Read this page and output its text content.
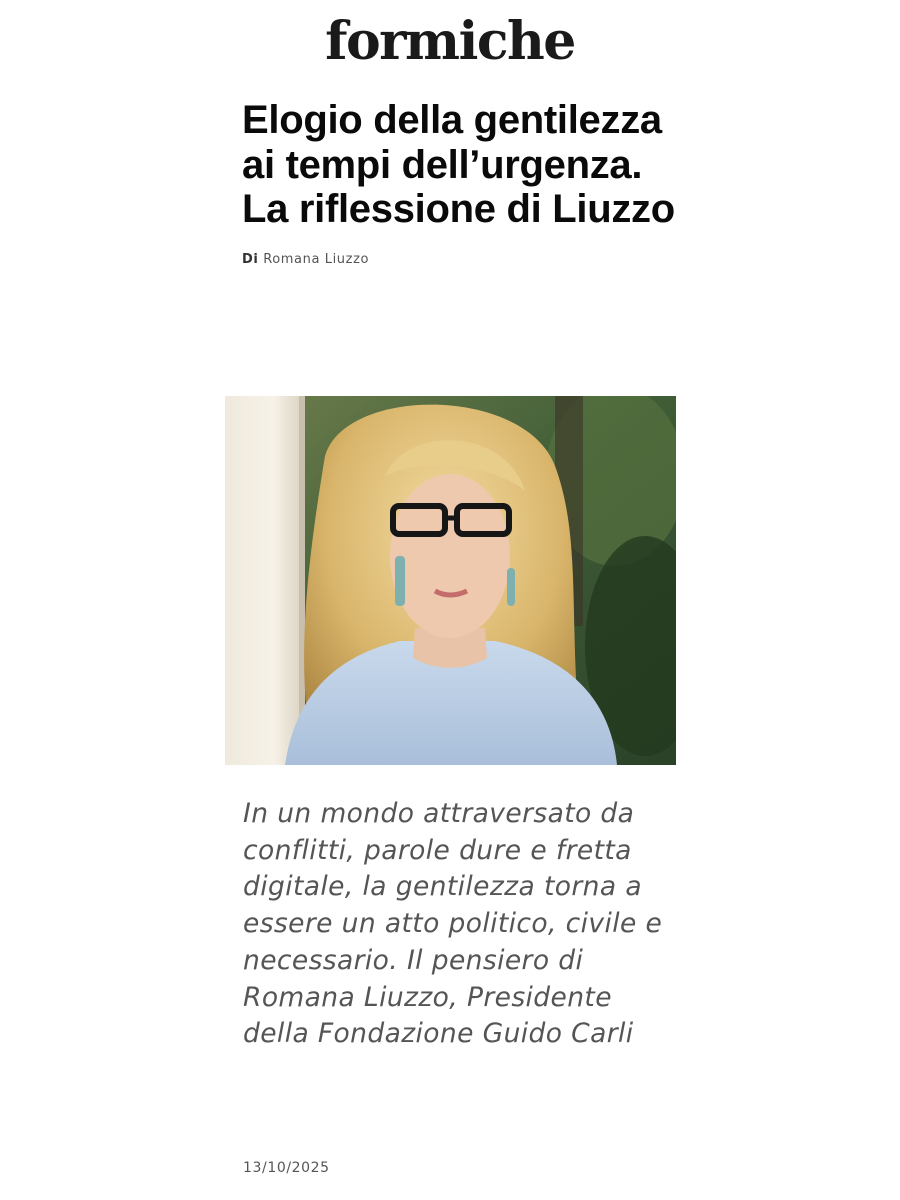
formiche
Elogio della gentilezza ai tempi dell’urgenza. La riflessione di Liuzzo
Di Romana Liuzzo

In un mondo attraversato da conflitti, parole dure e fretta digitale, la gentilezza torna a essere un atto politico, civile e necessario. Il pensiero di Romana Liuzzo, Presidente della Fondazione Guido Carli

13/10/2025
